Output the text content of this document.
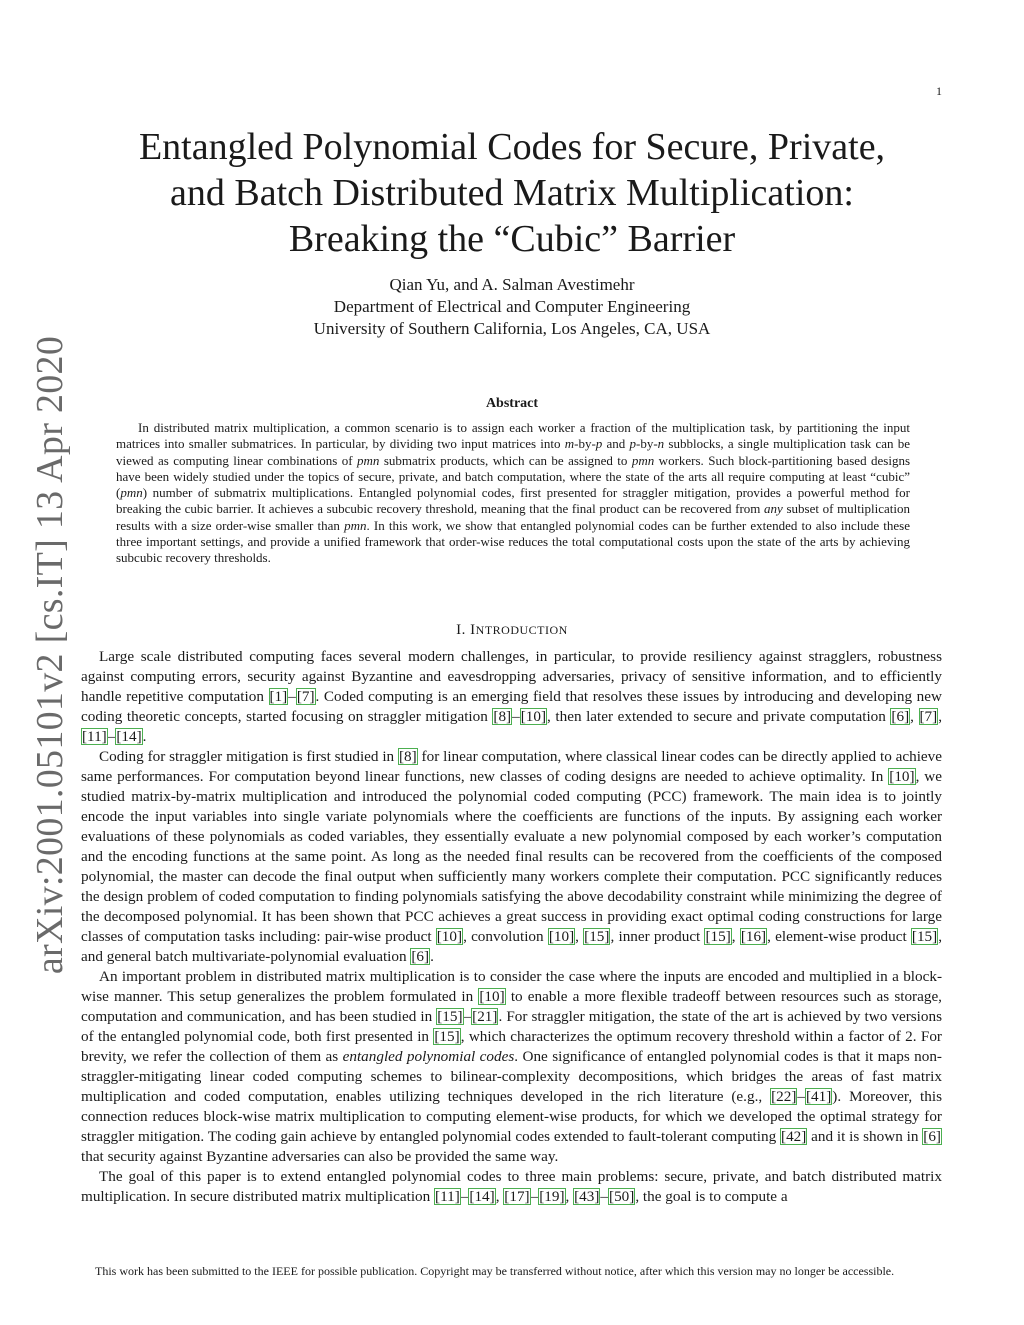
1
arXiv:2001.05101v2 [cs.IT] 13 Apr 2020
Entangled Polynomial Codes for Secure, Private,
and Batch Distributed Matrix Multiplication:
Breaking the “Cubic” Barrier
Qian Yu, and A. Salman Avestimehr
Department of Electrical and Computer Engineering
University of Southern California, Los Angeles, CA, USA
Abstract

In distributed matrix multiplication, a common scenario is to assign each worker a fraction of the multiplication task, by partitioning the input matrices into smaller submatrices. In particular, by dividing two input matrices into m-by-p and p-by-n subblocks, a single multiplication task can be viewed as computing linear combinations of pmn submatrix products, which can be assigned to pmn workers. Such block-partitioning based designs have been widely studied under the topics of secure, private, and batch computation, where the state of the arts all require computing at least “cubic” (pmn) number of submatrix multiplications. Entangled polynomial codes, first presented for straggler mitigation, provides a powerful method for breaking the cubic barrier. It achieves a subcubic recovery threshold, meaning that the final product can be recovered from any subset of multiplication results with a size order-wise smaller than pmn. In this work, we show that entangled polynomial codes can be further extended to also include these three important settings, and provide a unified framework that order-wise reduces the total computational costs upon the state of the arts by achieving subcubic recovery thresholds.

I. INTRODUCTION

Large scale distributed computing faces several modern challenges, in particular, to provide resiliency against stragglers, robustness against computing errors, security against Byzantine and eavesdropping adversaries, privacy of sensitive information, and to efficiently handle repetitive computation [1]–[7]. Coded computing is an emerging field that resolves these issues by introducing and developing new coding theoretic concepts, started focusing on straggler mitigation [8]–[10], then later extended to secure and private computation [6], [7], [11]–[14].

Coding for straggler mitigation is first studied in [8] for linear computation, where classical linear codes can be directly applied to achieve same performances. For computation beyond linear functions, new classes of coding designs are needed to achieve optimality. In [10], we studied matrix-by-matrix multiplication and introduced the polynomial coded computing (PCC) framework. The main idea is to jointly encode the input variables into single variate polynomials where the coefficients are functions of the inputs. By assigning each worker evaluations of these polynomials as coded variables, they essentially evaluate a new polynomial composed by each worker’s computation and the encoding functions at the same point. As long as the needed final results can be recovered from the coefficients of the composed polynomial, the master can decode the final output when sufficiently many workers complete their computation. PCC significantly reduces the design problem of coded computation to finding polynomials satisfying the above decodability constraint while minimizing the degree of the decomposed polynomial. It has been shown that PCC achieves a great success in providing exact optimal coding constructions for large classes of computation tasks including: pair-wise product [10], convolution [10], [15], inner product [15], [16], element-wise product [15], and general batch multivariate-polynomial evaluation [6].

An important problem in distributed matrix multiplication is to consider the case where the inputs are encoded and multiplied in a block-wise manner. This setup generalizes the problem formulated in [10] to enable a more flexible tradeoff between resources such as storage, computation and communication, and has been studied in [15]–[21]. For straggler mitigation, the state of the art is achieved by two versions of the entangled polynomial code, both first presented in [15], which characterizes the optimum recovery threshold within a factor of 2. For brevity, we refer the collection of them as entangled polynomial codes. One significance of entangled polynomial codes is that it maps non-straggler-mitigating linear coded computing schemes to bilinear-complexity decompositions, which bridges the areas of fast matrix multiplication and coded computation, enables utilizing techniques developed in the rich literature (e.g., [22]–[41]). Moreover, this connection reduces block-wise matrix multiplication to computing element-wise products, for which we developed the optimal strategy for straggler mitigation. The coding gain achieve by entangled polynomial codes extended to fault-tolerant computing [42] and it is shown in [6] that security against Byzantine adversaries can also be provided the same way.

The goal of this paper is to extend entangled polynomial codes to three main problems: secure, private, and batch distributed matrix multiplication. In secure distributed matrix multiplication [11]–[14], [17]–[19], [43]–[50], the goal is to compute a

This work has been submitted to the IEEE for possible publication. Copyright may be transferred without notice, after which this version may no longer be accessible.
